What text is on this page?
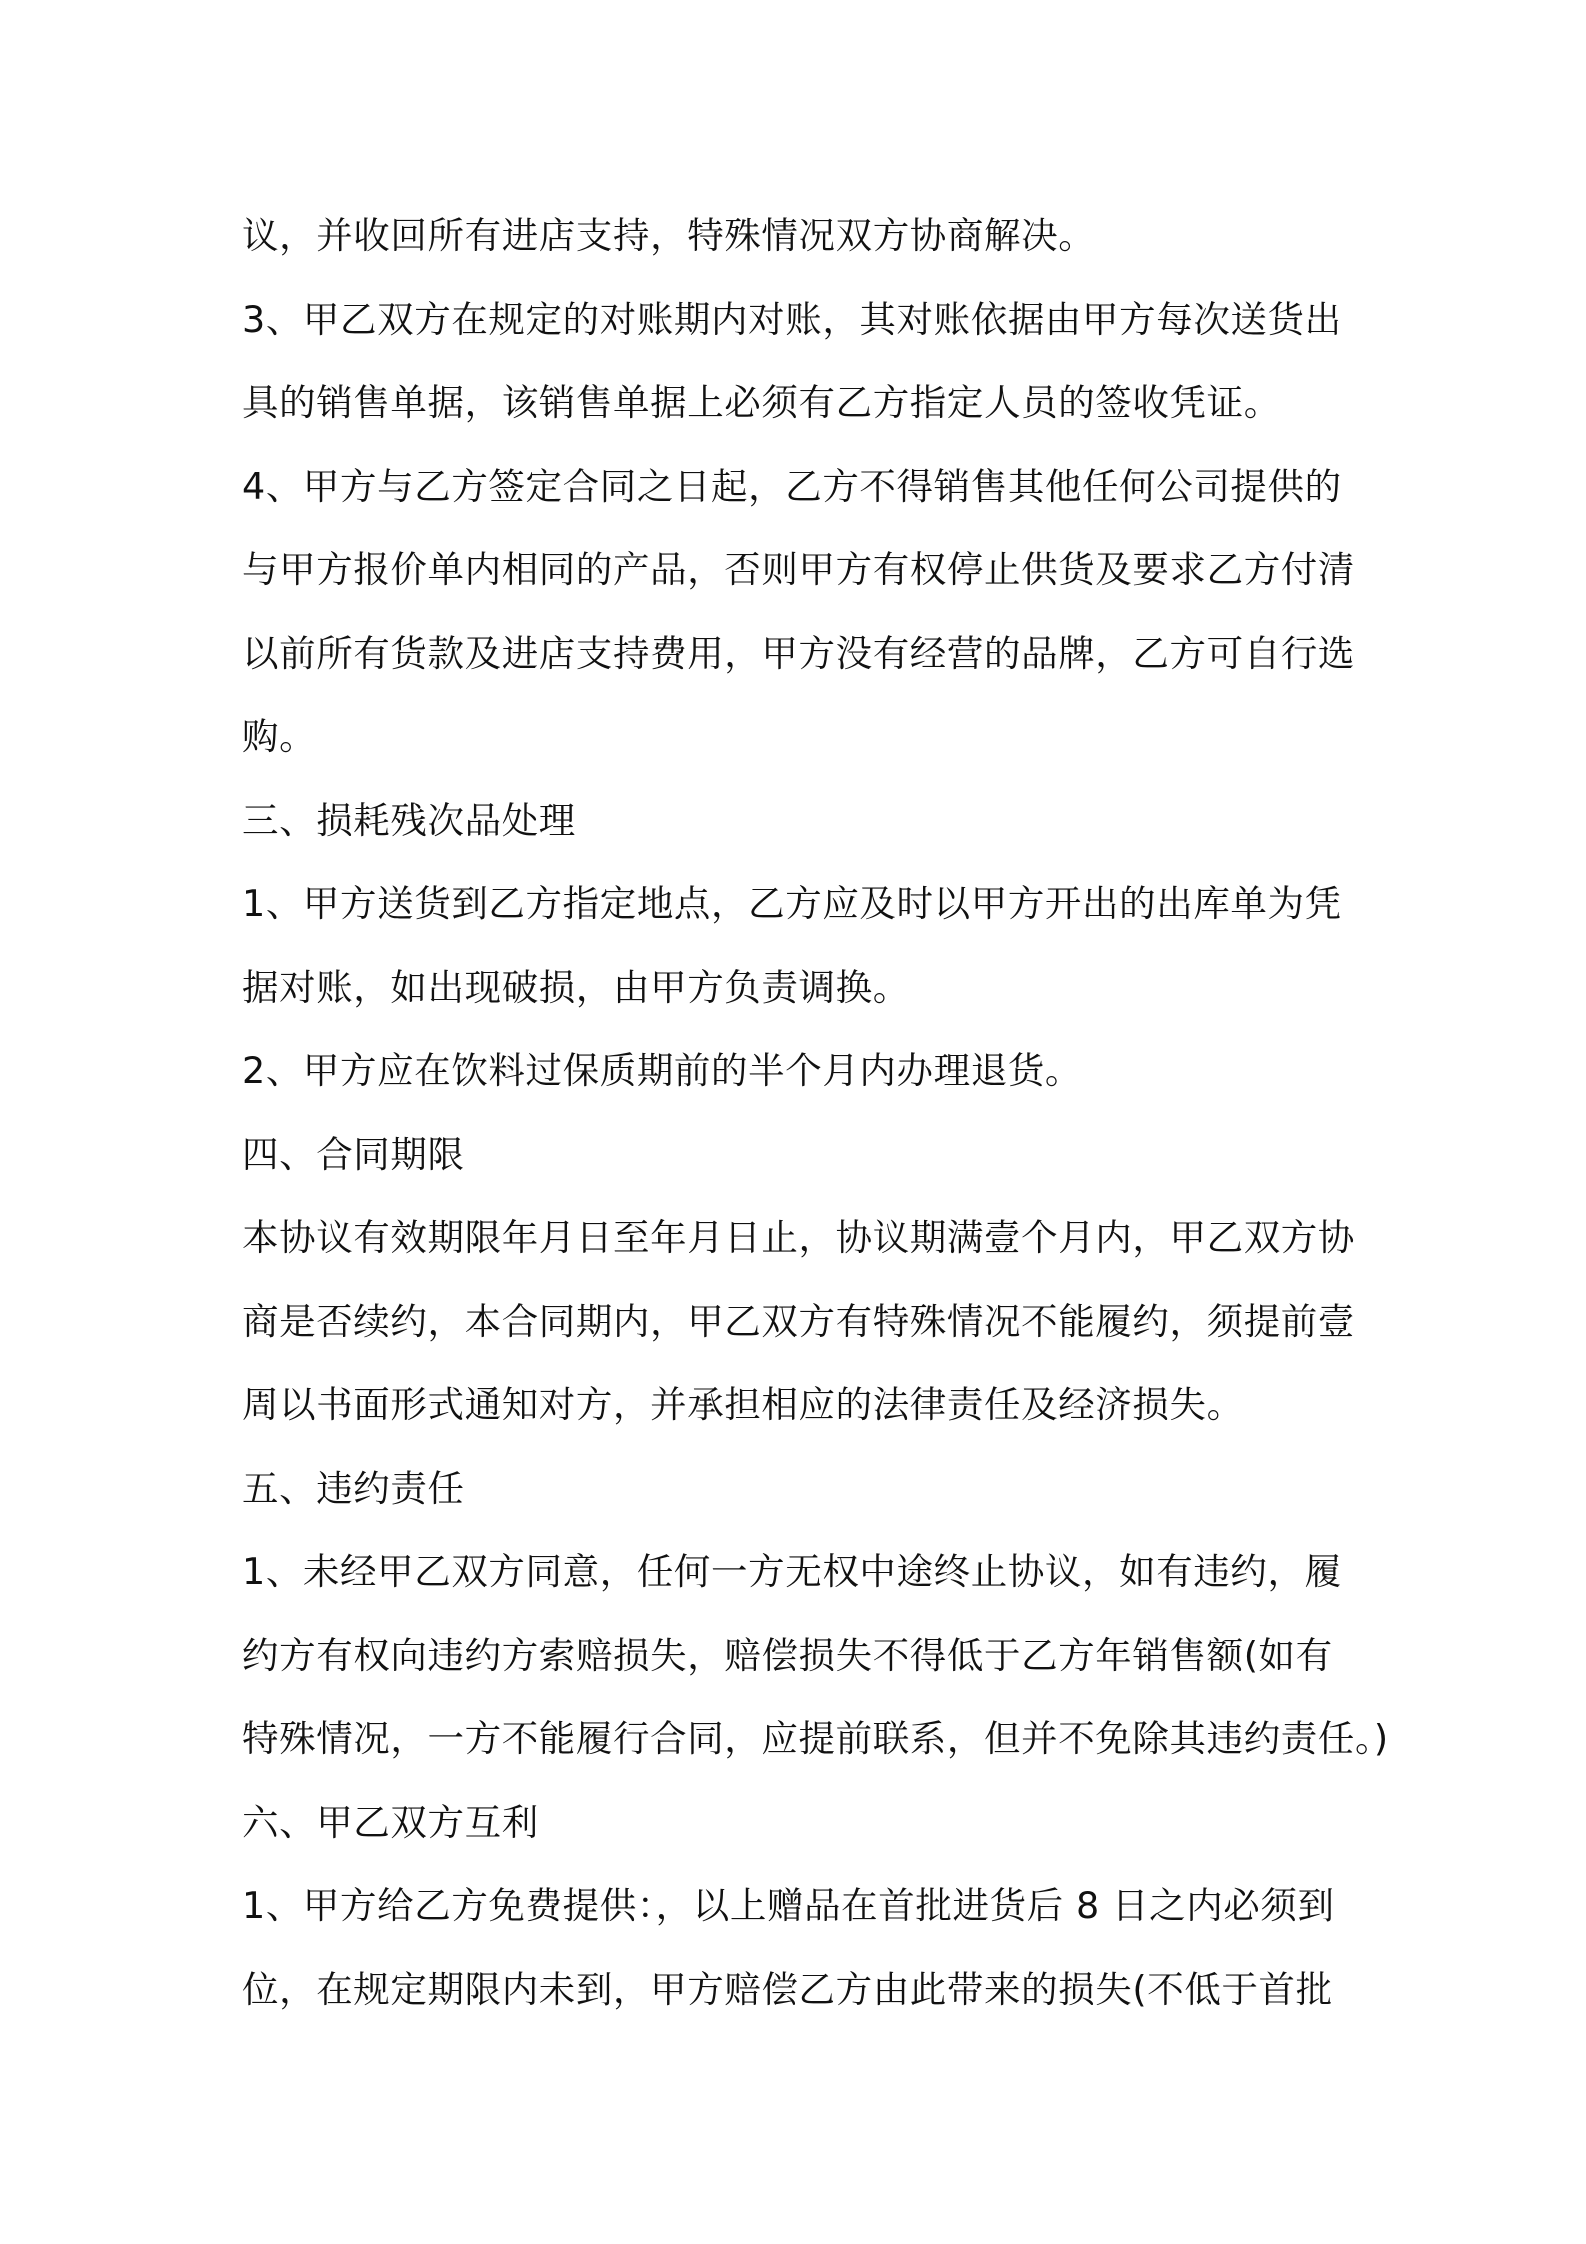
议，并收回所有进店支持，特殊情况双方协商解决。
3、甲乙双方在规定的对账期内对账，其对账依据由甲方每次送货出
具的销售单据，该销售单据上必须有乙方指定人员的签收凭证。
4、甲方与乙方签定合同之日起，乙方不得销售其他任何公司提供的
与甲方报价单内相同的产品，否则甲方有权停止供货及要求乙方付清
以前所有货款及进店支持费用，甲方没有经营的品牌，乙方可自行选
购。
三、损耗残次品处理
1、甲方送货到乙方指定地点，乙方应及时以甲方开出的出库单为凭
据对账，如出现破损，由甲方负责调换。
2、甲方应在饮料过保质期前的半个月内办理退货。
四、合同期限
本协议有效期限年月日至年月日止，协议期满壹个月内，甲乙双方协
商是否续约，本合同期内，甲乙双方有特殊情况不能履约，须提前壹
周以书面形式通知对方，并承担相应的法律责任及经济损失。
五、违约责任
1、未经甲乙双方同意，任何一方无权中途终止协议，如有违约，履
约方有权向违约方索赔损失，赔偿损失不得低于乙方年销售额(如有
特殊情况，一方不能履行合同，应提前联系，但并不免除其违约责任。)
六、甲乙双方互利
1、甲方给乙方免费提供：，以上赠品在首批进货后 8 日之内必须到
位，在规定期限内未到，甲方赔偿乙方由此带来的损失(不低于首批
